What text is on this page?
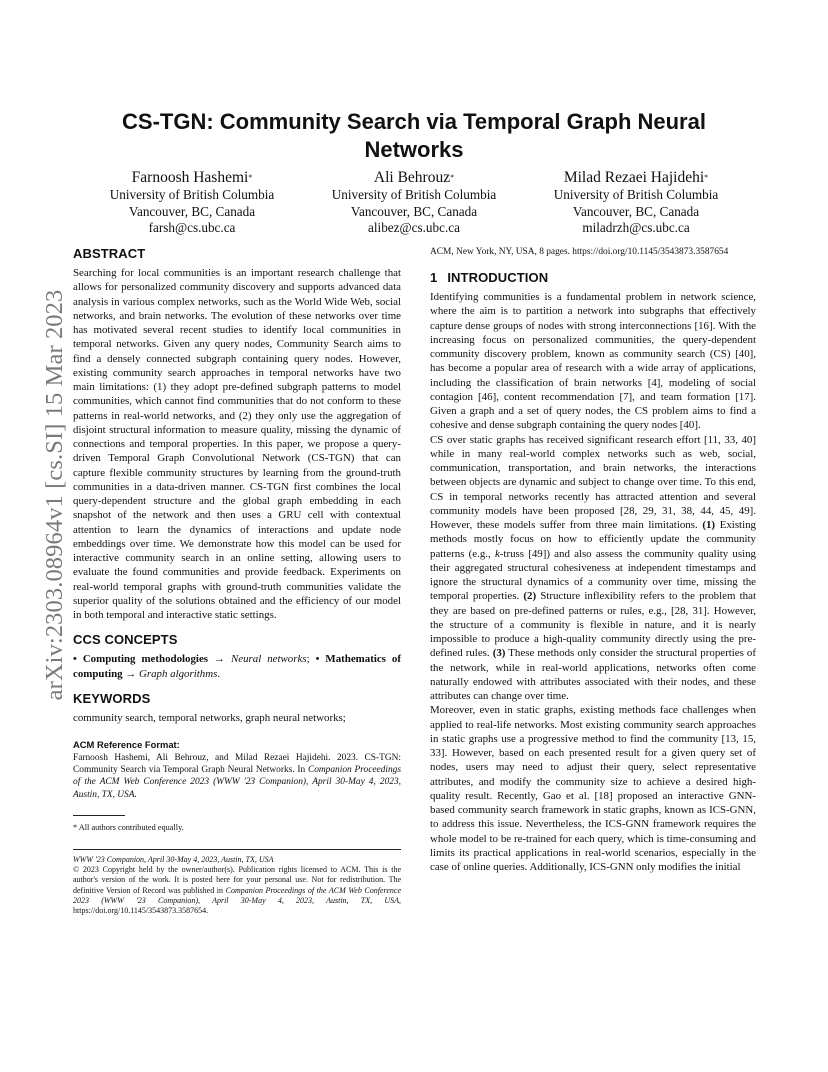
arXiv:2303.08964v1 [cs.SI] 15 Mar 2023
CS-TGN: Community Search via Temporal Graph Neural Networks
Farnoosh Hashemi*
University of British Columbia
Vancouver, BC, Canada
farsh@cs.ubc.ca
Ali Behrouz*
University of British Columbia
Vancouver, BC, Canada
alibez@cs.ubc.ca
Milad Rezaei Hajidehi*
University of British Columbia
Vancouver, BC, Canada
miladrzh@cs.ubc.ca
ABSTRACT

Searching for local communities is an important research challenge that allows for personalized community discovery and supports advanced data analysis in various complex networks, such as the World Wide Web, social networks, and brain networks. The evolution of these networks over time has motivated several recent studies to identify local communities in temporal networks. Given any query nodes, Community Search aims to find a densely connected subgraph containing query nodes. However, existing community search approaches in temporal networks have two main limitations: (1) they adopt pre-defined subgraph patterns to model communities, which cannot find communities that do not conform to these patterns in real-world networks, and (2) they only use the aggregation of disjoint structural information to measure quality, missing the dynamic of connections and temporal properties. In this paper, we propose a query-driven Temporal Graph Convolutional Network (CS-TGN) that can capture flexible community structures by learning from the ground-truth communities in a data-driven manner. CS-TGN first combines the local query-dependent structure and the global graph embedding in each snapshot of the network and then uses a GRU cell with contextual attention to learn the dynamics of interactions and update node embeddings over time. We demonstrate how this model can be used for interactive community search in an online setting, allowing users to evaluate the found communities and provide feedback. Experiments on real-world temporal graphs with ground-truth communities validate the superior quality of the solutions obtained and the efficiency of our model in both temporal and interactive static settings.

CCS CONCEPTS

• Computing methodologies → Neural networks; • Mathematics of computing → Graph algorithms.

KEYWORDS

community search, temporal networks, graph neural networks;

ACM Reference Format:

Farnoosh Hashemi, Ali Behrouz, and Milad Rezaei Hajidehi. 2023. CS-TGN: Community Search via Temporal Graph Neural Networks. In Companion Proceedings of the ACM Web Conference 2023 (WWW '23 Companion), April 30-May 4, 2023, Austin, TX, USA.

* All authors contributed equally.
WWW '23 Companion, April 30-May 4, 2023, Austin, TX, USA
© 2023 Copyright held by the owner/author(s). Publication rights licensed to ACM. This is the author's version of the work. It is posted here for your personal use. Not for redistribution. The definitive Version of Record was published in Companion Proceedings of the ACM Web Conference 2023 (WWW '23 Companion), April 30-May 4, 2023, Austin, TX, USA, https://doi.org/10.1145/3543873.3587654.

ACM, New York, NY, USA, 8 pages. https://doi.org/10.1145/3543873.3587654

1 INTRODUCTION

Identifying communities is a fundamental problem in network science, where the aim is to partition a network into subgraphs that effectively capture dense groups of nodes with strong interconnections [16]. With the increasing focus on personalized communities, the query-dependent community discovery problem, known as community search (CS) [40], has become a popular area of research with a wide array of applications, including the classification of brain networks [4], modeling of social contagion [46], content recommendation [7], and team formation [17]. Given a graph and a set of query nodes, the CS problem aims to find a cohesive and dense subgraph containing the query nodes [40].

CS over static graphs has received significant research effort [11, 33, 40] while in many real-world complex networks such as web, social, communication, transportation, and brain networks, the interactions between objects are dynamic and subject to change over time. To this end, CS in temporal networks recently has attracted attention and several community models have been proposed [28, 29, 31, 38, 44, 45, 49]. However, these models suffer from three main limitations. (1) Existing methods mostly focus on how to efficiently update the community patterns (e.g., k-truss [49]) and also assess the community quality using their aggregated structural cohesiveness at independent timestamps and ignore the structural dynamics of a community over time, missing the temporal properties. (2) Structure inflexibility refers to the problem that they are based on pre-defined patterns or rules, e.g., [28, 31]. However, the structure of a community is flexible in nature, and it is nearly impossible to produce a high-quality community directly using the pre-defined rules. (3) These methods only consider the structural properties of the network, while in real-world applications, networks often come naturally endowed with attributes associated with their nodes, and these attributes can change over time.

Moreover, even in static graphs, existing methods face challenges when applied to real-life networks. Most existing community search approaches in static graphs use a progressive method to find the community [13, 15, 33]. However, based on each presented result for a given query set of nodes, users may need to adjust their query, select representative attributes, and modify the community size to achieve a desired high-quality result. Recently, Gao et al. [18] proposed an interactive GNN-based community search framework in static graphs, known as ICS-GNN, to address this issue. Nevertheless, the ICS-GNN framework requires the whole model to be re-trained for each query, which is time-consuming and limits its practical applications in real-world scenarios, especially in the case of online queries. Additionally, ICS-GNN only modifies the initial
